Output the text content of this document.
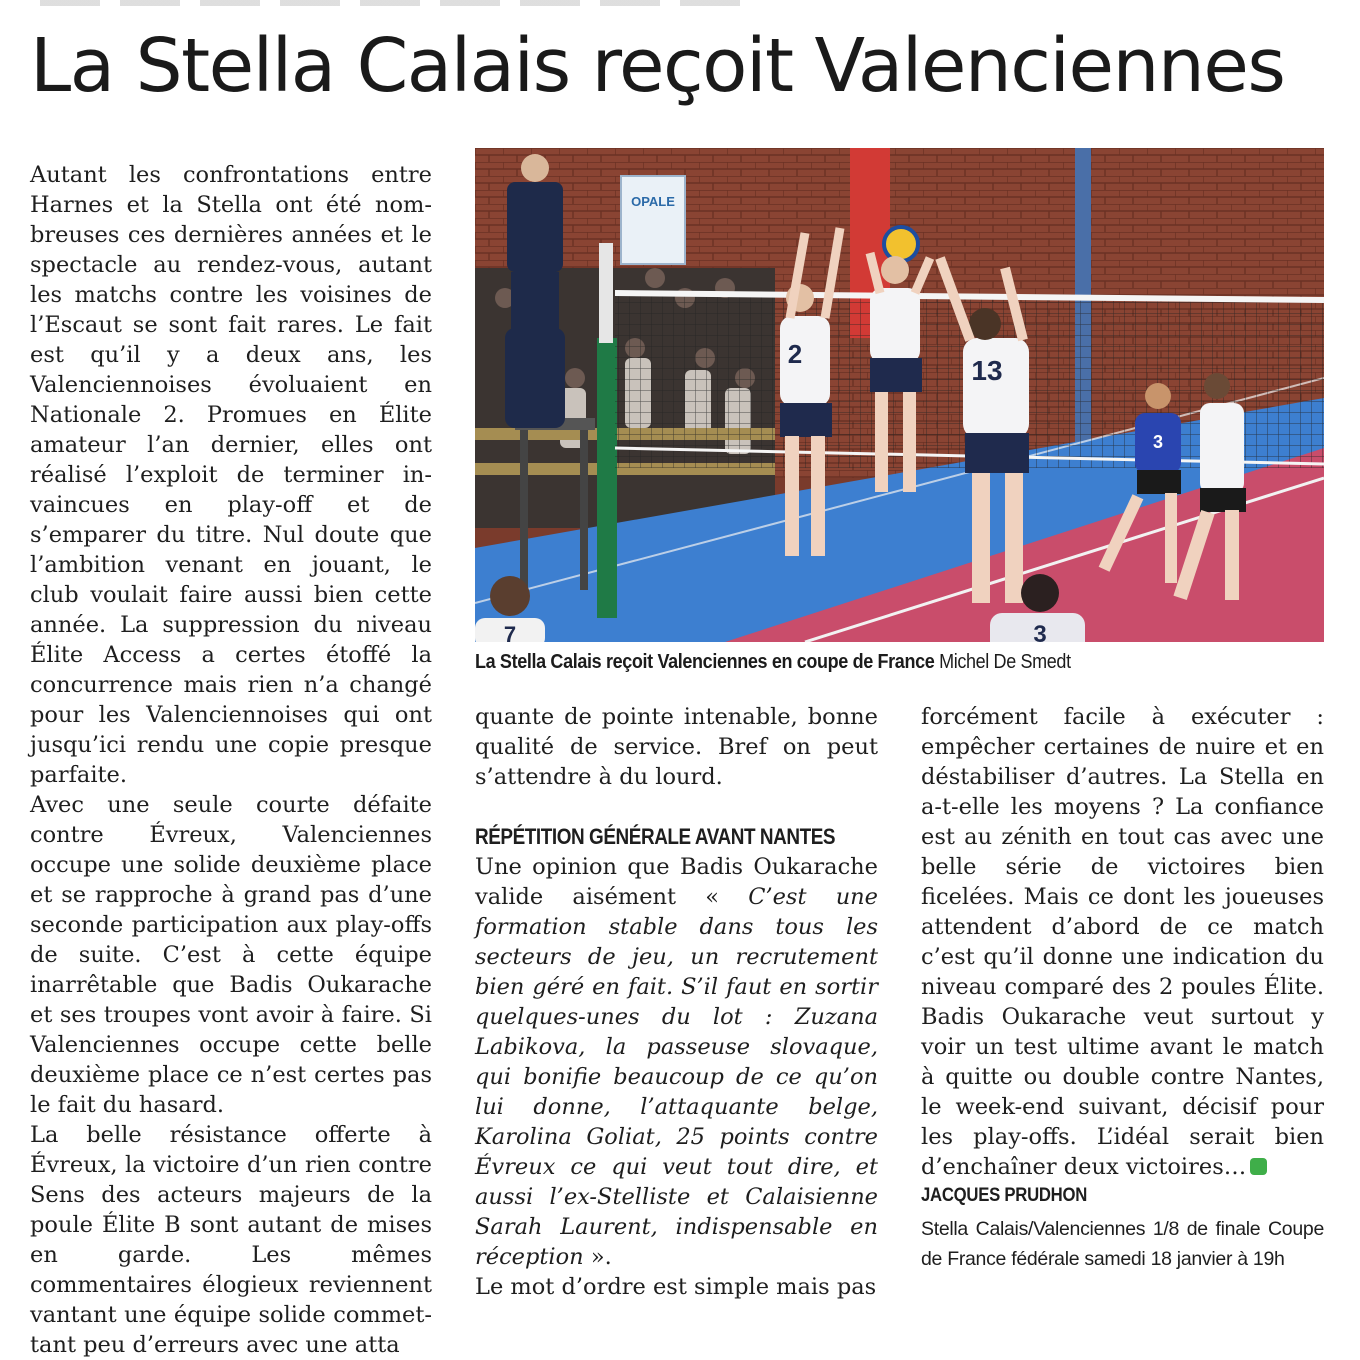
La Stella Calais reçoit Valenciennes

Autant les confrontations entre Harnes et la Stella ont été nombreuses ces dernières années et le spectacle au rendez-vous, autant les matchs contre les voisines de l’Escaut se sont fait rares. Le fait est qu’il y a deux ans, les Valenciennoises évoluaient en Nationale 2. Promues en Élite amateur l’an dernier, elles ont réalisé l’exploit de terminer invaincues en play-off et de s’emparer du titre. Nul doute que l’ambition venant en jouant, le club voulait faire aussi bien cette année. La suppression du niveau Élite Access a certes étoffé la concurrence mais rien n’a changé pour les Valenciennoises qui ont jusqu’ici rendu une copie presque parfaite.

Avec une seule courte défaite contre Évreux, Valenciennes occupe une solide deuxième place et se rapproche à grand pas d’une seconde participation aux play-offs de suite. C’est à cette équipe inarrêtable que Badis Oukarache et ses troupes vont avoir à faire. Si Valenciennes occupe cette belle deuxième place ce n’est certes pas le fait du hasard.

La belle résistance offerte à Évreux, la victoire d’un rien contre Sens des acteurs majeurs de la poule Élite B sont autant de mises en garde. Les mêmes commentaires élogieux reviennent vantant une équipe solide commettant peu d’erreurs avec une atta

OPALE
2
13
3
7	3
La Stella Calais reçoit Valenciennes en coupe de France Michel De Smedt

quante de pointe intenable, bonne qualité de service. Bref on peut s’attendre à du lourd.

RÉPÉTITION GÉNÉRALE AVANT NANTES

Une opinion que Badis Oukarache valide aisément « C’est une formation stable dans tous les secteurs de jeu, un recrutement bien géré en fait. S’il faut en sortir quelques-unes du lot : Zuzana Labikova, la passeuse slovaque, qui bonifie beaucoup de ce qu’on lui donne, l’attaquante belge, Karolina Goliat, 25 points contre Évreux ce qui veut tout dire, et aussi l’ex-Stelliste et Calaisienne Sarah Laurent, indispensable en réception ».

Le mot d’ordre est simple mais pas

forcément facile à exécuter : empêcher certaines de nuire et en déstabiliser d’autres. La Stella en a-t-elle les moyens ? La confiance est au zénith en tout cas avec une belle série de victoires bien ficelées. Mais ce dont les joueuses attendent d’abord de ce match c’est qu’il donne une indication du niveau comparé des 2 poules Élite. Badis Oukarache veut surtout y voir un test ultime avant le match à quitte ou double contre Nantes, le week-end suivant, décisif pour les play-offs. L’idéal serait bien d’enchaîner deux victoires…

JACQUES PRUDHON

Stella Calais/Valenciennes 1/8 de finale Coupe de France fédérale samedi 18 janvier à 19h
